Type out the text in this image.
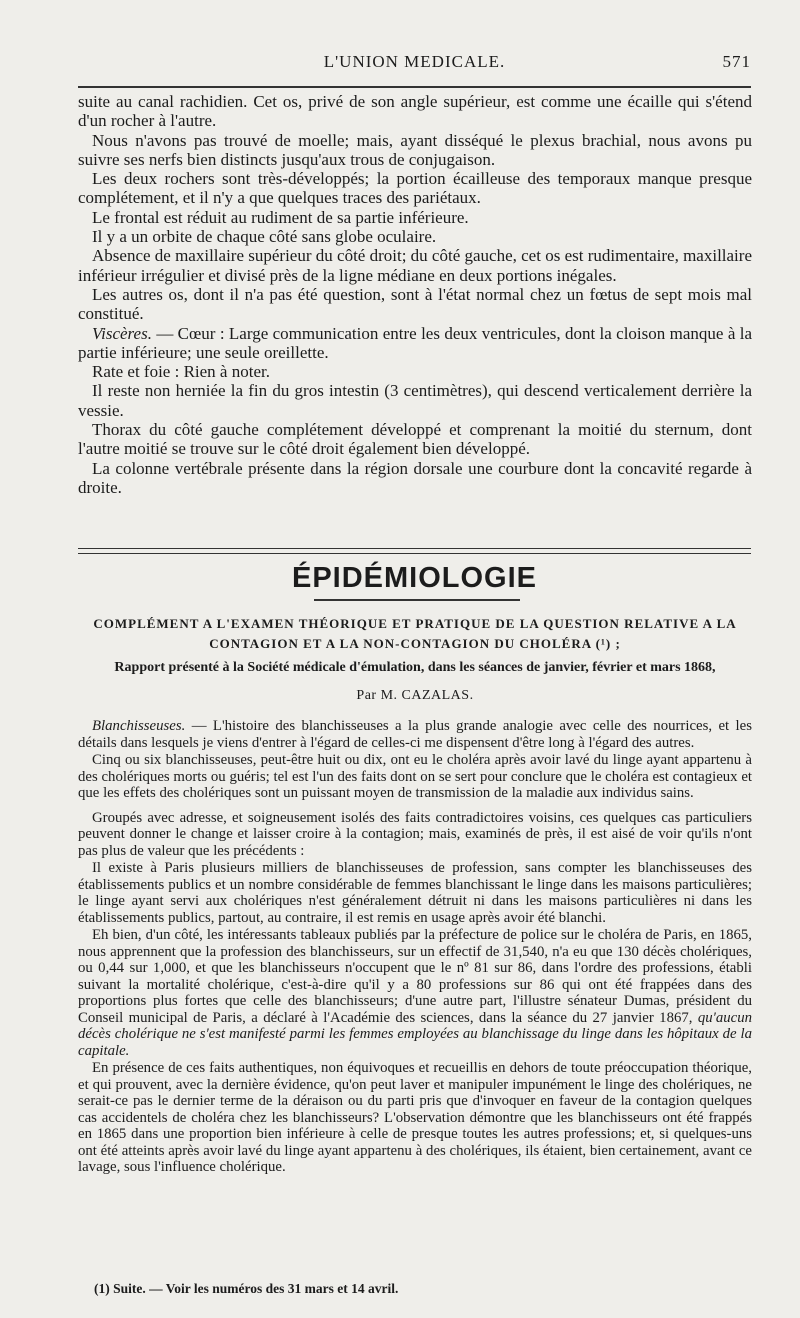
L'UNION MEDICALE.	571

suite au canal rachidien. Cet os, privé de son angle supérieur, est comme une écaille qui s'étend d'un rocher à l'autre.

Nous n'avons pas trouvé de moelle; mais, ayant disséqué le plexus brachial, nous avons pu suivre ses nerfs bien distincts jusqu'aux trous de conjugaison.

Les deux rochers sont très-développés; la portion écailleuse des temporaux manque presque complétement, et il n'y a que quelques traces des pariétaux.

Le frontal est réduit au rudiment de sa partie inférieure.

Il y a un orbite de chaque côté sans globe oculaire.

Absence de maxillaire supérieur du côté droit; du côté gauche, cet os est rudimentaire, maxillaire inférieur irrégulier et divisé près de la ligne médiane en deux portions inégales.

Les autres os, dont il n'a pas été question, sont à l'état normal chez un fœtus de sept mois mal constitué.

Viscères. — Cœur : Large communication entre les deux ventricules, dont la cloison manque à la partie inférieure; une seule oreillette.

Rate et foie : Rien à noter.

Il reste non herniée la fin du gros intestin (3 centimètres), qui descend verticalement derrière la vessie.

Thorax du côté gauche complétement développé et comprenant la moitié du sternum, dont l'autre moitié se trouve sur le côté droit également bien développé.

La colonne vertébrale présente dans la région dorsale une courbure dont la concavité regarde à droite.

ÉPIDÉMIOLOGIE
COMPLÉMENT A L'EXAMEN THÉORIQUE ET PRATIQUE DE LA QUESTION RELATIVE A LA CONTAGION ET A LA NON-CONTAGION DU CHOLÉRA (¹) ;
Rapport présenté à la Société médicale d'émulation, dans les séances de janvier, février et mars 1868,
Par M. CAZALAS.

Blanchisseuses. — L'histoire des blanchisseuses a la plus grande analogie avec celle des nourrices, et les détails dans lesquels je viens d'entrer à l'égard de celles-ci me dispensent d'être long à l'égard des autres.

Cinq ou six blanchisseuses, peut-être huit ou dix, ont eu le choléra après avoir lavé du linge ayant appartenu à des cholériques morts ou guéris; tel est l'un des faits dont on se sert pour conclure que le choléra est contagieux et que les effets des cholériques sont un puissant moyen de transmission de la maladie aux individus sains.

Groupés avec adresse, et soigneusement isolés des faits contradictoires voisins, ces quelques cas particuliers peuvent donner le change et laisser croire à la contagion; mais, examinés de près, il est aisé de voir qu'ils n'ont pas plus de valeur que les précédents :

Il existe à Paris plusieurs milliers de blanchisseuses de profession, sans compter les blanchisseuses des établissements publics et un nombre considérable de femmes blanchissant le linge dans les maisons particulières; le linge ayant servi aux cholériques n'est généralement détruit ni dans les maisons particulières ni dans les établissements publics, partout, au contraire, il est remis en usage après avoir été blanchi.

Eh bien, d'un côté, les intéressants tableaux publiés par la préfecture de police sur le choléra de Paris, en 1865, nous apprennent que la profession des blanchisseurs, sur un effectif de 31,540, n'a eu que 130 décès cholériques, ou 0,44 sur 1,000, et que les blanchisseurs n'occupent que le nº 81 sur 86, dans l'ordre des professions, établi suivant la mortalité cholérique, c'est-à-dire qu'il y a 80 professions sur 86 qui ont été frappées dans des proportions plus fortes que celle des blanchisseurs; d'une autre part, l'illustre sénateur Dumas, président du Conseil municipal de Paris, a déclaré à l'Académie des sciences, dans la séance du 27 janvier 1867, qu'aucun décès cholérique ne s'est manifesté parmi les femmes employées au blanchissage du linge dans les hôpitaux de la capitale.

En présence de ces faits authentiques, non équivoques et recueillis en dehors de toute préoccupation théorique, et qui prouvent, avec la dernière évidence, qu'on peut laver et manipuler impunément le linge des cholériques, ne serait-ce pas le dernier terme de la déraison ou du parti pris que d'invoquer en faveur de la contagion quelques cas accidentels de choléra chez les blanchisseurs? L'observation démontre que les blanchisseurs ont été frappés en 1865 dans une proportion bien inférieure à celle de presque toutes les autres professions; et, si quelques-uns ont été atteints après avoir lavé du linge ayant appartenu à des cholériques, ils étaient, bien certainement, avant ce lavage, sous l'influence cholérique.

(1) Suite. — Voir les numéros des 31 mars et 14 avril.
